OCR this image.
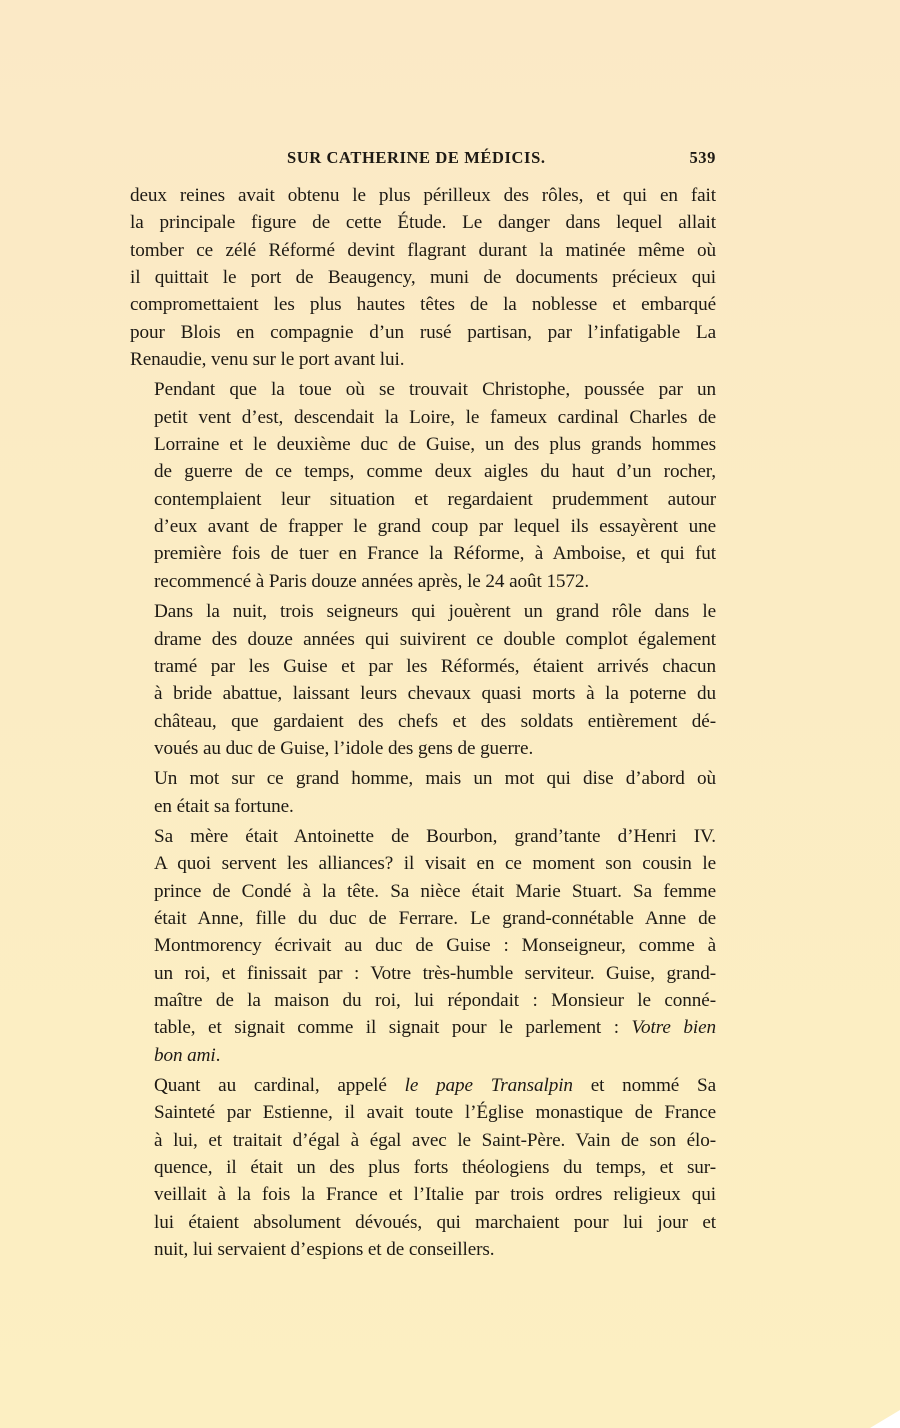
SUR CATHERINE DE MÉDICIS.	539

deux reines avait obtenu le plus périlleux des rôles, et qui en fait
la principale figure de cette Étude. Le danger dans lequel allait
tomber ce zélé Réformé devint flagrant durant la matinée même où
il quittait le port de Beaugency, muni de documents précieux qui
compromettaient les plus hautes têtes de la noblesse et embarqué
pour Blois en compagnie d’un rusé partisan, par l’infatigable La
Renaudie, venu sur le port avant lui.

Pendant que la toue où se trouvait Christophe, poussée par un
petit vent d’est, descendait la Loire, le fameux cardinal Charles de
Lorraine et le deuxième duc de Guise, un des plus grands hommes
de guerre de ce temps, comme deux aigles du haut d’un rocher,
contemplaient leur situation et regardaient prudemment autour
d’eux avant de frapper le grand coup par lequel ils essayèrent une
première fois de tuer en France la Réforme, à Amboise, et qui fut
recommencé à Paris douze années après, le 24 août 1572.

Dans la nuit, trois seigneurs qui jouèrent un grand rôle dans le
drame des douze années qui suivirent ce double complot également
tramé par les Guise et par les Réformés, étaient arrivés chacun
à bride abattue, laissant leurs chevaux quasi morts à la poterne du
château, que gardaient des chefs et des soldats entièrement dé-
voués au duc de Guise, l’idole des gens de guerre.

Un mot sur ce grand homme, mais un mot qui dise d’abord où
en était sa fortune.

Sa mère était Antoinette de Bourbon, grand’tante d’Henri IV.
A quoi servent les alliances? il visait en ce moment son cousin le
prince de Condé à la tête. Sa nièce était Marie Stuart. Sa femme
était Anne, fille du duc de Ferrare. Le grand-connétable Anne de
Montmorency écrivait au duc de Guise : Monseigneur, comme à
un roi, et finissait par : Votre très-humble serviteur. Guise, grand-
maître de la maison du roi, lui répondait : Monsieur le conné-
table, et signait comme il signait pour le parlement : Votre bien
bon ami.

Quant au cardinal, appelé le pape Transalpin et nommé Sa
Sainteté par Estienne, il avait toute l’Église monastique de France
à lui, et traitait d’égal à égal avec le Saint-Père. Vain de son élo-
quence, il était un des plus forts théologiens du temps, et sur-
veillait à la fois la France et l’Italie par trois ordres religieux qui
lui étaient absolument dévoués, qui marchaient pour lui jour et
nuit, lui servaient d’espions et de conseillers.
